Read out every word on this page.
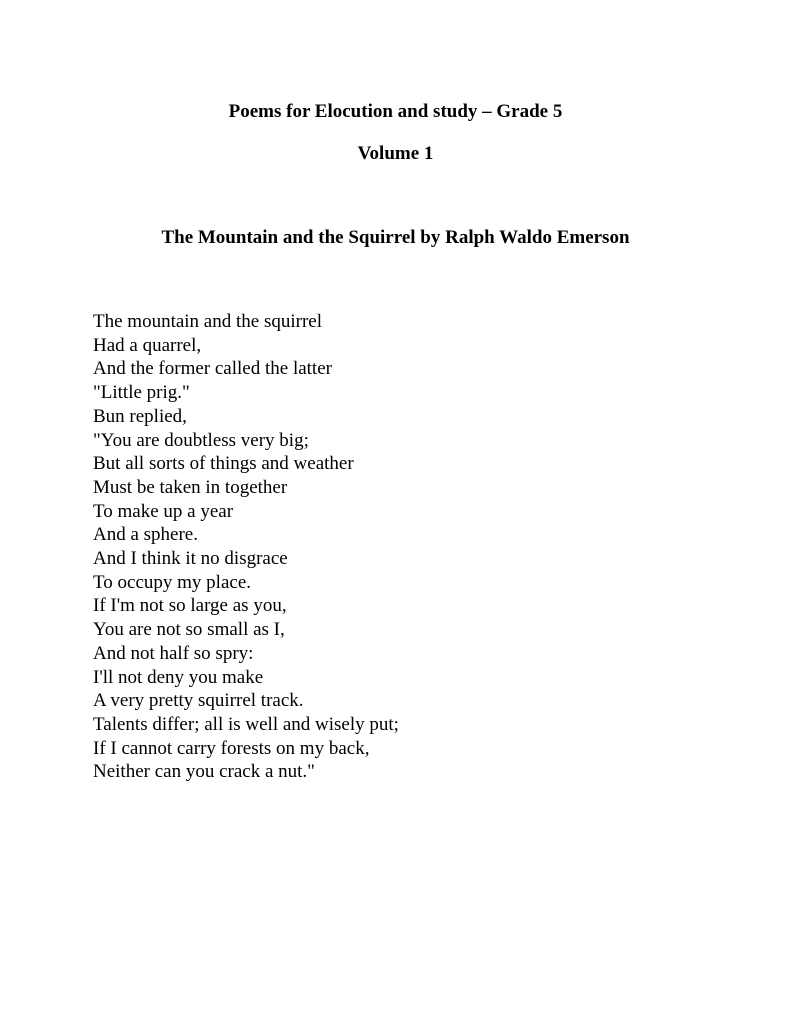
Poems for Elocution and study – Grade 5
Volume 1
The Mountain and the Squirrel by Ralph Waldo Emerson
The mountain and the squirrel
Had a quarrel,
And the former called the latter
"Little prig."
Bun replied,
"You are doubtless very big;
But all sorts of things and weather
Must be taken in together
To make up a year
And a sphere.
And I think it no disgrace
To occupy my place.
If I'm not so large as you,
You are not so small as I,
And not half so spry:
I'll not deny you make
A very pretty squirrel track.
Talents differ; all is well and wisely put;
If I cannot carry forests on my back,
Neither can you crack a nut."
